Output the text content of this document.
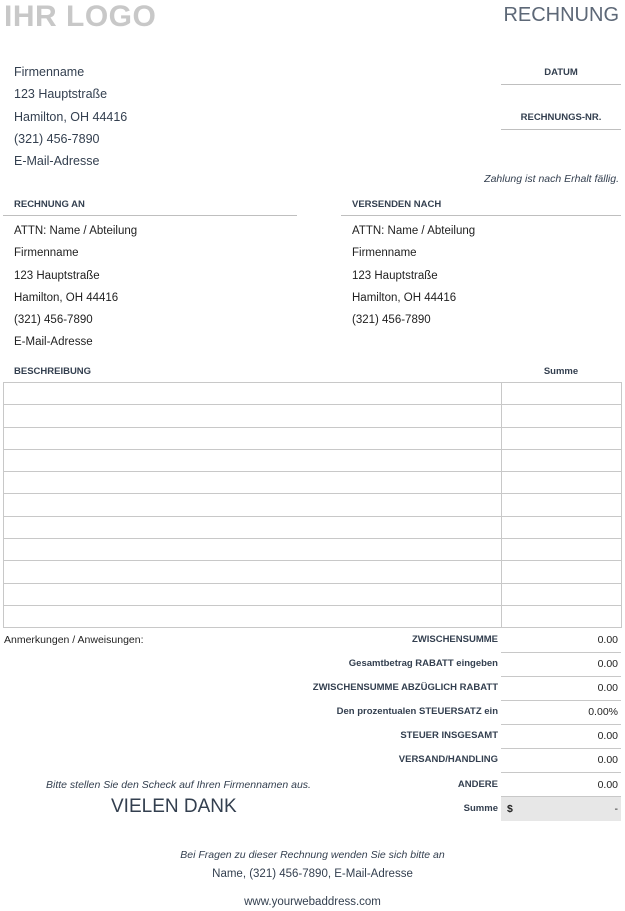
IHR LOGO	RECHNUNG
Firmenname
123 Hauptstraße
Hamilton, OH 44416
(321) 456-7890
E-Mail-Adresse
DATUM
RECHNUNGS-NR.
Zahlung ist nach Erhalt fällig.
RECHNUNG AN
ATTN: Name / Abteilung
Firmenname
123 Hauptstraße
Hamilton, OH 44416
(321) 456-7890
E-Mail-Adresse
VERSENDEN NACH
ATTN: Name / Abteilung
Firmenname
123 Hauptstraße
Hamilton, OH 44416
(321) 456-7890
BESCHREIBUNG	Summe

Anmerkungen / Anweisungen:	ZWISCHENSUMME	0.00
Gesamtbetrag RABATT eingeben	0.00
ZWISCHENSUMME ABZÜGLICH RABATT	0.00
Den prozentualen STEUERSATZ ein	0.00%
STEUER INSGESAMT	0.00
VERSAND/HANDLING	0.00
ANDERE	0.00
Summe $	-
Bitte stellen Sie den Scheck auf Ihren Firmennamen aus.
VIELEN DANK
Bei Fragen zu dieser Rechnung wenden Sie sich bitte an
Name, (321) 456-7890, E-Mail-Adresse
www.yourwebaddress.com
